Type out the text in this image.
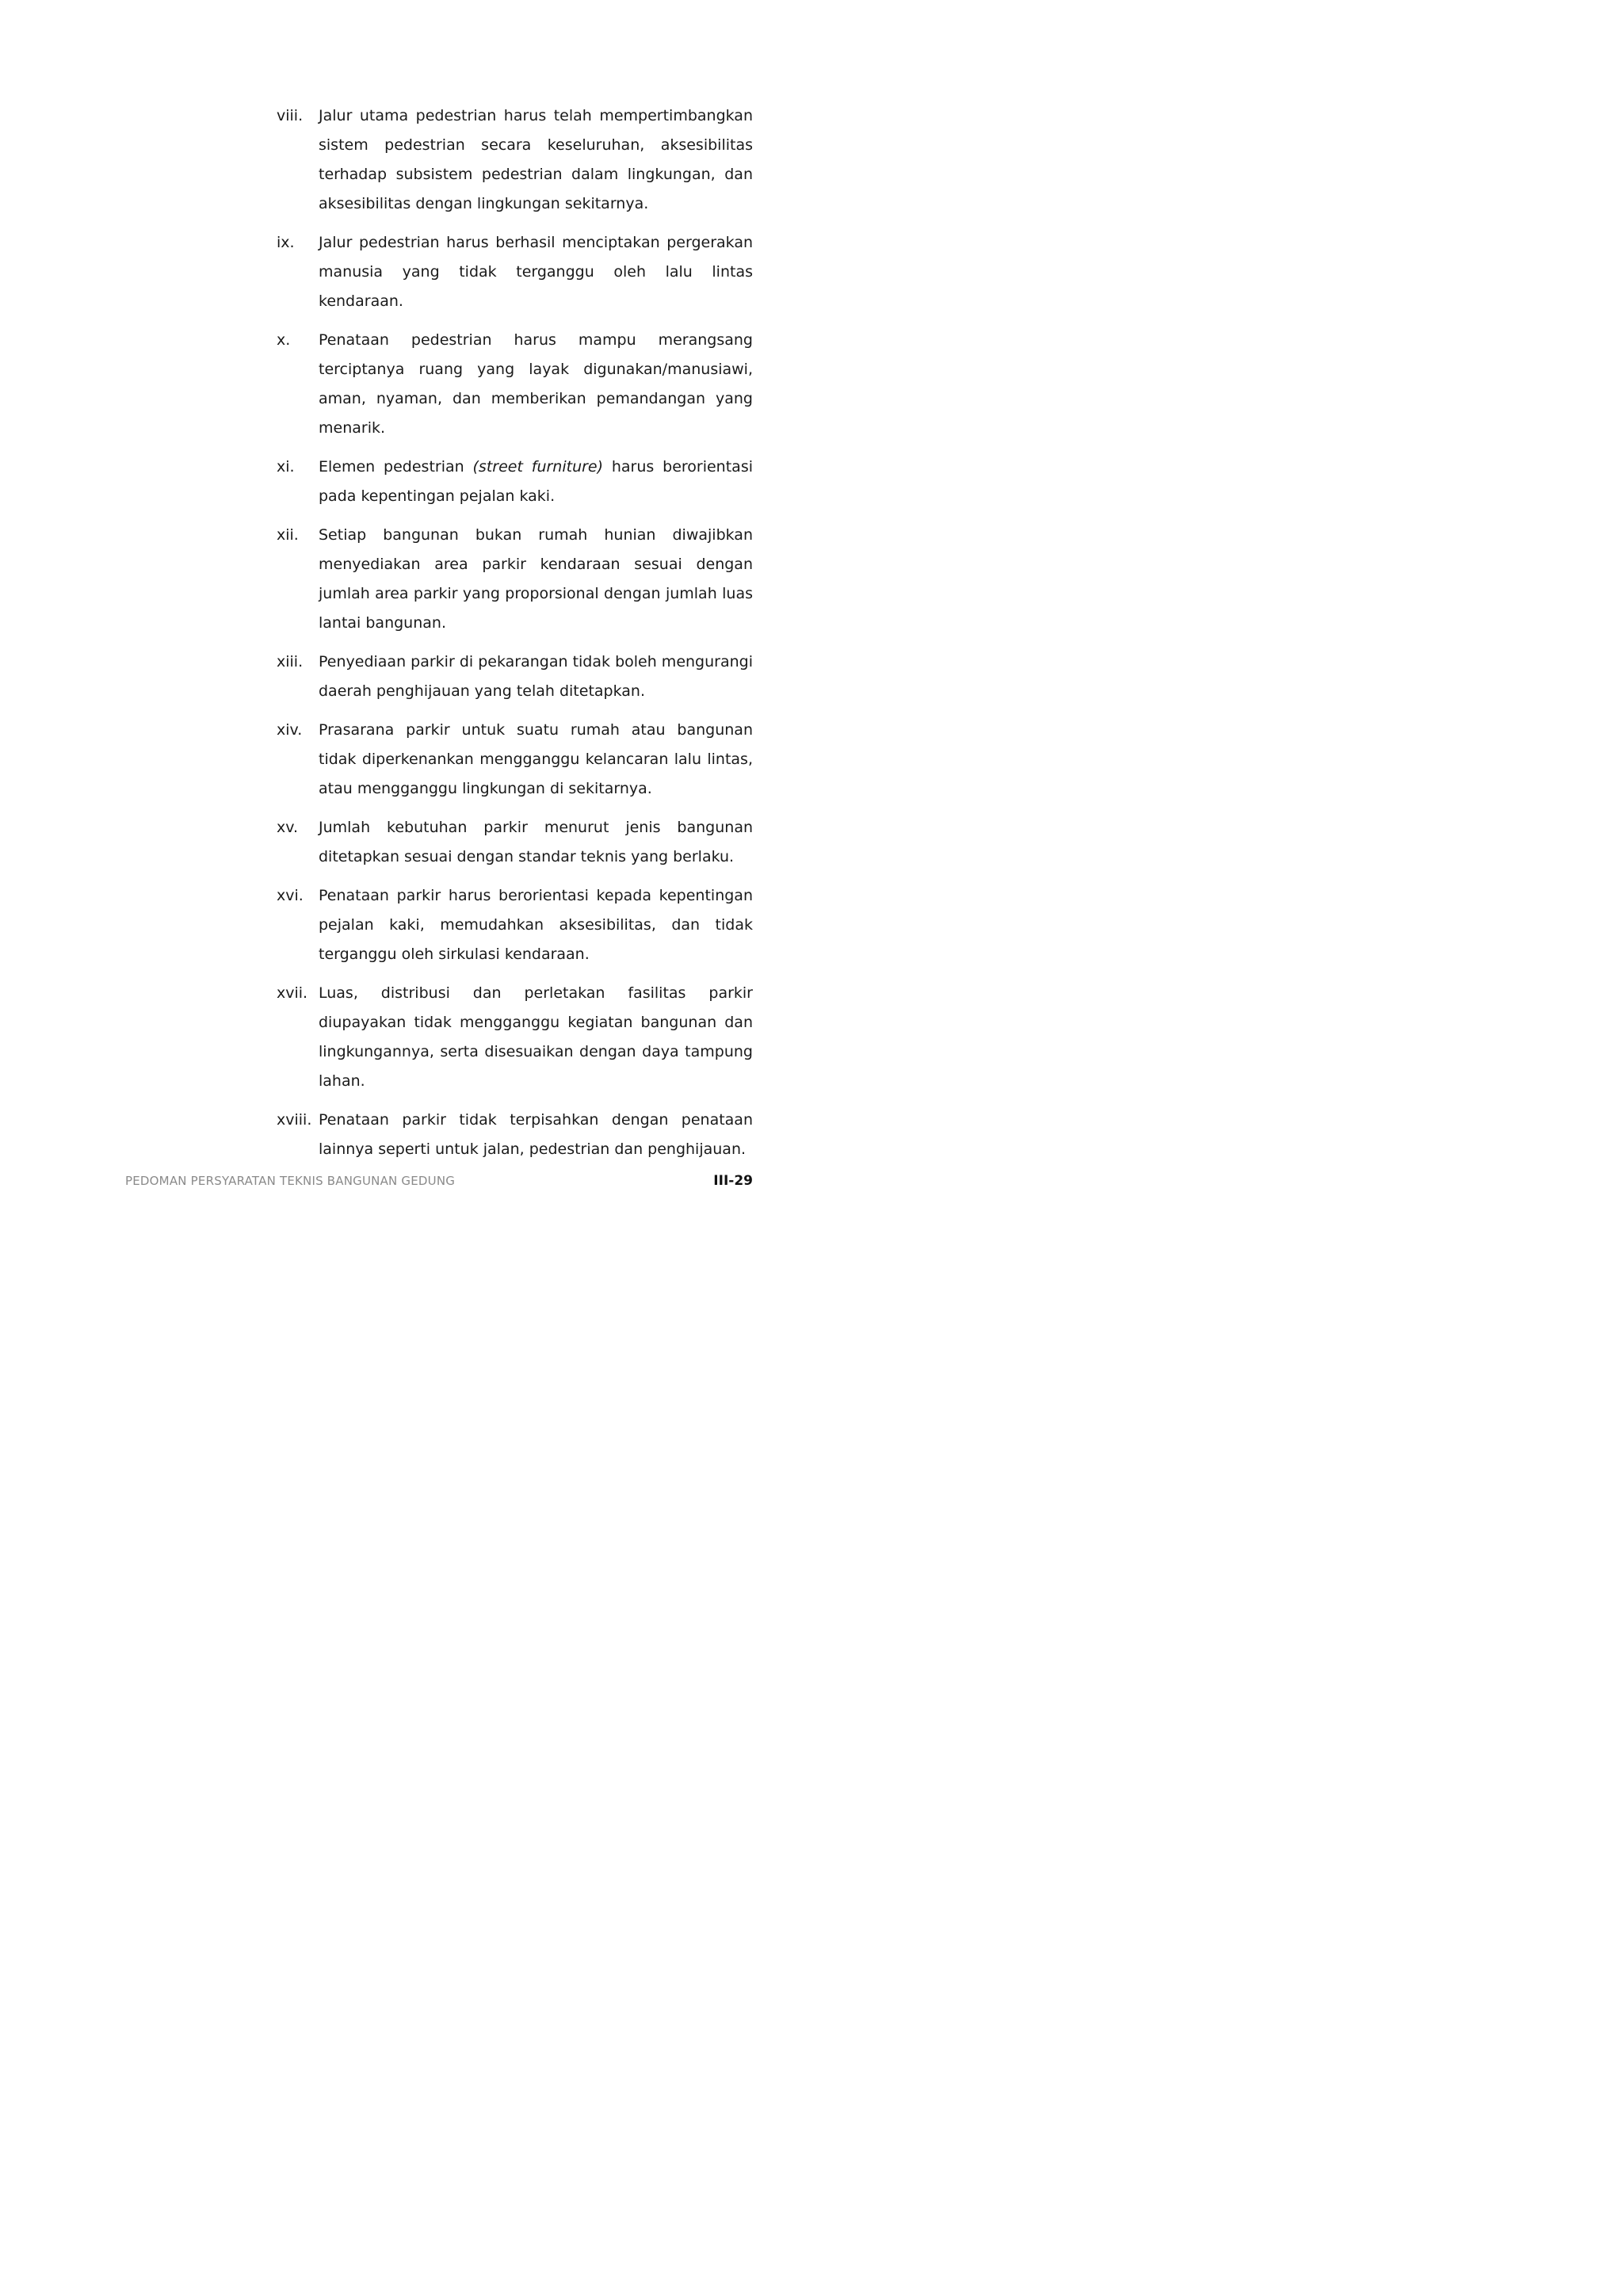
viii.	Jalur utama pedestrian harus telah mempertimbangkan sistem pedestrian secara keseluruhan, aksesibilitas terhadap subsistem pedestrian dalam lingkungan, dan aksesibilitas dengan lingkungan sekitarnya.
ix.	Jalur pedestrian harus berhasil menciptakan pergerakan manusia yang tidak terganggu oleh lalu lintas kendaraan.
x.	Penataan pedestrian harus mampu merangsang terciptanya ruang yang layak digunakan/manusiawi, aman, nyaman, dan memberikan pemandangan yang menarik.
xi.	Elemen pedestrian (street furniture) harus berorientasi pada kepentingan pejalan kaki.
xii.	Setiap bangunan bukan rumah hunian diwajibkan menyediakan area parkir kendaraan sesuai dengan jumlah area parkir yang proporsional dengan jumlah luas lantai bangunan.
xiii.	Penyediaan parkir di pekarangan tidak boleh mengurangi daerah penghijauan yang telah ditetapkan.
xiv.	Prasarana parkir untuk suatu rumah atau bangunan tidak diperkenankan mengganggu kelancaran lalu lintas, atau mengganggu lingkungan di sekitarnya.
xv.	Jumlah kebutuhan parkir menurut jenis bangunan ditetapkan sesuai dengan standar teknis yang berlaku.
xvi.	Penataan parkir harus berorientasi kepada kepentingan pejalan kaki, memudahkan aksesibilitas, dan tidak terganggu oleh sirkulasi kendaraan.
xvii. Luas, distribusi dan perletakan fasilitas parkir diupayakan tidak mengganggu kegiatan bangunan dan lingkungannya, serta disesuaikan dengan daya tampung lahan.
xviii. Penataan parkir tidak terpisahkan dengan penataan lainnya seperti untuk jalan, pedestrian dan penghijauan.
PEDOMAN PERSYARATAN TEKNIS BANGUNAN GEDUNG	III-29
